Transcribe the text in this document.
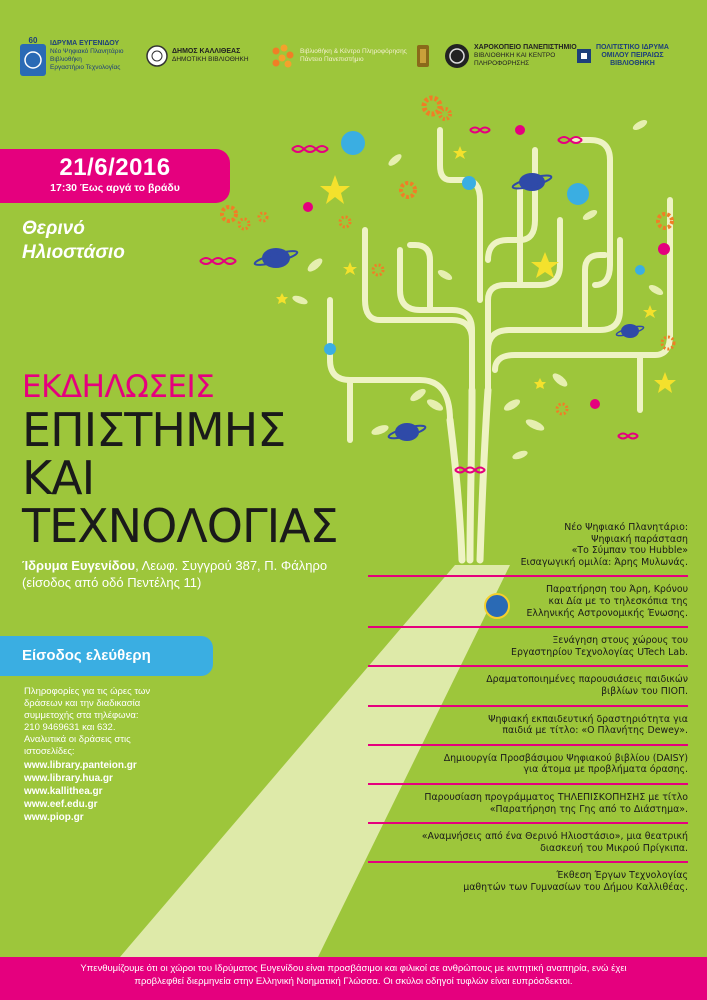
60 ΙΔΡΥΜΑ ΕΥΓΕΝΙΔΟΥ
Νέο Ψηφιακό Πλανητάριο
Βιβλιοθήκη
Εργαστήριο Τεχνολογίας
ΔΗΜΟΣ ΚΑΛΛΙΘΕΑΣ
ΔΗΜΟΤΙΚΗ ΒΙΒΛΙΟΘΗΚΗ
Βιβλιοθήκη & Κέντρο Πληροφόρησης
Πάντειο Πανεπιστήμιο
ΧΑΡΟΚΟΠΕΙΟ ΠΑΝΕΠΙΣΤΗΜΙΟ
ΒΙΒΛΙΟΘΗΚΗ ΚΑΙ ΚΕΝΤΡΟ
ΠΛΗΡΟΦΟΡΗΣΗΣ
ΠΟΛΙΤΙΣΤΙΚΟ ΙΔΡΥΜΑ
ΟΜΙΛΟΥ ΠΕΙΡΑΙΩΣ
ΒΙΒΛΙΟΘΗΚΗ
21/6/2016
17:30 Έως αργά το βράδυ
Θερινό
Ηλιοστάσιο
ΕΚΔΗΛΩΣΕΙΣ
ΕΠΙΣΤΗΜΗΣ
ΚΑΙ
ΤΕΧΝΟΛΟΓΙΑΣ
Ίδρυμα Ευγενίδου, Λεωφ. Συγγρού 387, Π. Φάληρο
(είσοδος από οδό Πεντέλης 11)
Είσοδος ελεύθερη
Πληροφορίες για τις ώρες των
δράσεων και την διαδικασία
συμμετοχής στα τηλέφωνα:
210 9469631 και 632.
Αναλυτικά οι δράσεις στις
ιστοσελίδες:
www.library.panteion.gr
www.library.hua.gr
www.kallithea.gr
www.eef.edu.gr
www.piop.gr
Νέο Ψηφιακό Πλανητάριο:
Ψηφιακή παράσταση
«Το Σύμπαν του Hubble»
Εισαγωγική ομιλία: Άρης Μυλωνάς.
Παρατήρηση του Άρη, Κρόνου
και Δία με το τηλεσκόπια της
Ελληνικής Αστρονομικής Ένωσης.
Ξενάγηση στους χώρους του
Εργαστηρίου Τεχνολογίας UTech Lab.
Δραματοποιημένες παρουσιάσεις παιδικών
βιβλίων του ΠΙΟΠ.
Ψηφιακή εκπαιδευτική δραστηριότητα για
παιδιά με τίτλο: «Ο Πλανήτης Dewey».
Δημιουργία Προσβάσιμου Ψηφιακού βιβλίου (DAISY)
για άτομα με προβλήματα όρασης.
Παρουσίαση προγράμματος ΤΗΛΕΠΙΣΚΟΠΗΣΗΣ με τίτλο
«Παρατήρηση της Γης από το Διάστημα».
«Αναμνήσεις από ένα Θερινό Ηλιοστάσιο», μια θεατρική
διασκευή του Μικρού Πρίγκιπα.
Έκθεση Έργων Τεχνολογίας
μαθητών των Γυμνασίων του Δήμου Καλλιθέας.
Υπενθυμίζουμε ότι οι χώροι του Ιδρύματος Ευγενίδου είναι προσβάσιμοι και φιλικοί σε ανθρώπους με κιντητική αναπηρία, ενώ έχει
προβλεφθεί διερμηνεία στην Ελληνική Νοηματική Γλώσσα. Οι σκύλοι οδηγοί τυφλών είναι ευπρόσδεκτοι.
